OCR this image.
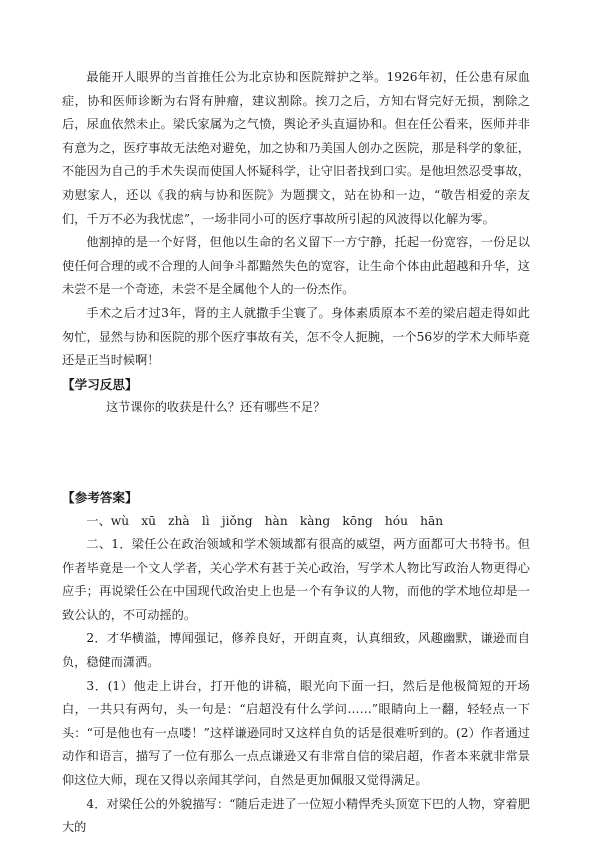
最能开人眼界的当首推任公为北京协和医院辩护之举。1926年初，任公患有尿血症，协和医师诊断为右肾有肿瘤，建议割除。挨刀之后，方知右肾完好无损，割除之后，尿血依然未止。梁氏家属为之气愤，舆论矛头直逼协和。但在任公看来，医师并非有意为之，医疗事故无法绝对避免，加之协和乃美国人创办之医院，那是科学的象征，不能因为自己的手术失误而使国人怀疑科学，让守旧者找到口实。是他坦然忍受事故，劝慰家人，还以《我的病与协和医院》为题撰文，站在协和一边，“敬告相爱的亲友们，千万不必为我忧虑”，一场非同小可的医疗事故所引起的风波得以化解为零。

他割掉的是一个好肾，但他以生命的名义留下一方宁静，托起一份宽容，一份足以使任何合理的或不合理的人间争斗都黯然失色的宽容，让生命个体由此超越和升华，这未尝不是一个奇迹，未尝不是全属他个人的一份杰作。

手术之后才过3年，肾的主人就撒手尘寰了。身体素质原本不差的梁启超走得如此匆忙，显然与协和医院的那个医疗事故有关，怎不令人扼腕，一个56岁的学术大师毕竟还是正当时候啊！

【学习反思】

这节课你的收获是什么？还有哪些不足？

【参考答案】

一、wù　xū　zhà　lì　jiǒng　hàn　kàng　kōng　hóu　hān

二、1．梁任公在政治领域和学术领域都有很高的威望，两方面都可大书特书。但作者毕竟是一个文人学者，关心学术有甚于关心政治，写学术人物比写政治人物更得心应手；再说梁任公在中国现代政治史上也是一个有争议的人物，而他的学术地位却是一致公认的，不可动摇的。

2．才华横溢，博闻强记，修养良好，开朗直爽，认真细致，风趣幽默，谦逊而自负，稳健而潇洒。

3．(1）他走上讲台，打开他的讲稿，眼光向下面一扫，然后是他极简短的开场白，一共只有两句，头一句是：“启超没有什么学问……”眼睛向上一翻，轻轻点一下头：“可是他也有一点喽！”这样谦逊同时又这样自负的话是很难听到的。(2）作者通过动作和语言，描写了一位有那么一点点谦逊又有非常自信的梁启超，作者本来就非常景仰这位大师，现在又得以亲闻其学问，自然是更加佩服又觉得满足。

4．对梁任公的外貌描写：“随后走进了一位短小精悍秃头顶宽下巴的人物，穿着肥大的
